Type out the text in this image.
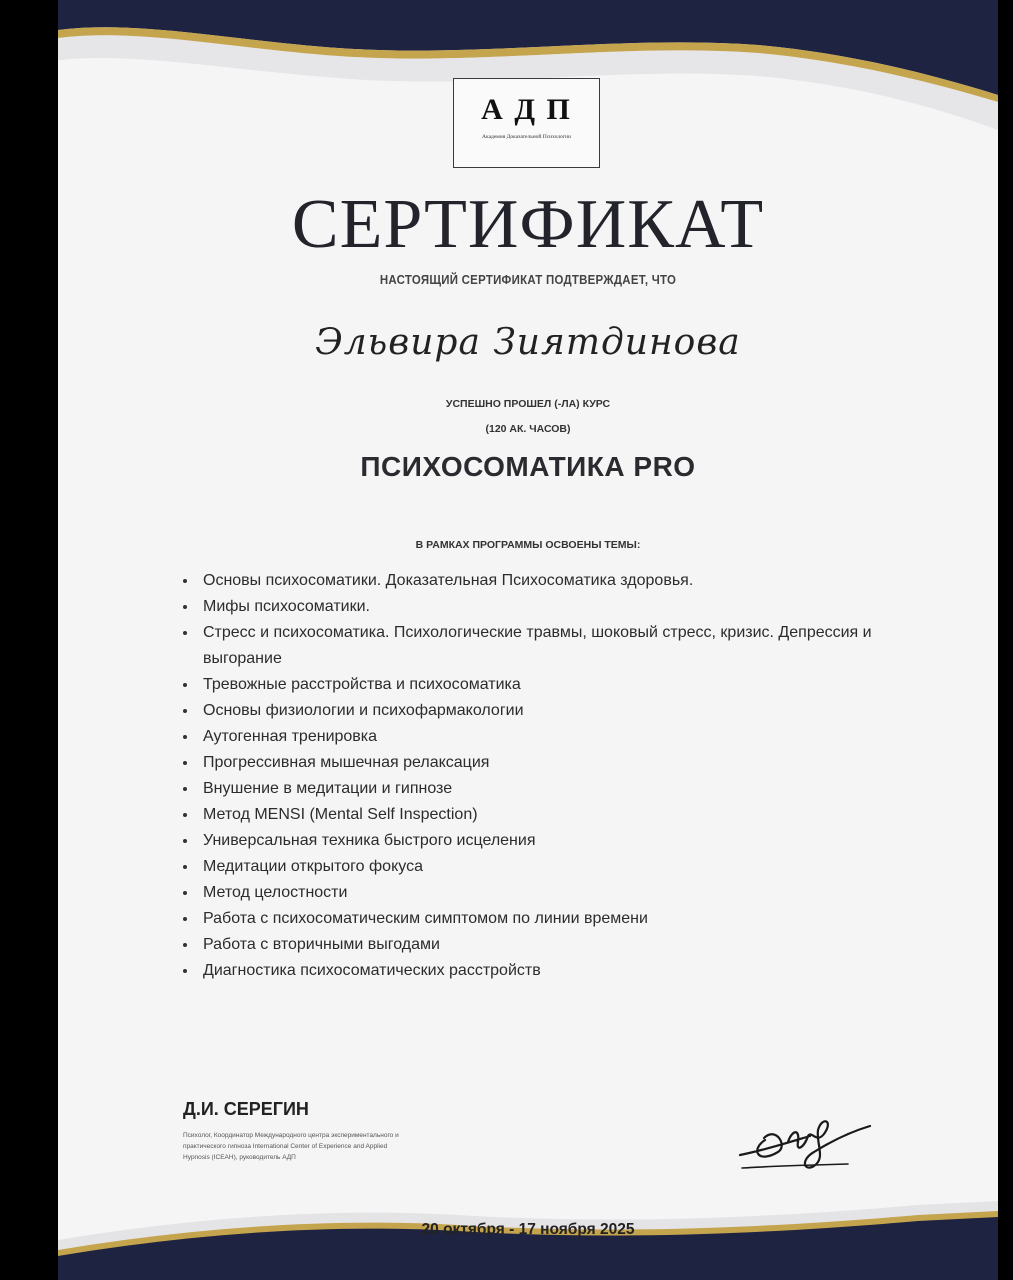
А Д П
Академия Доказательной Психологии
СЕРТИФИКАТ
НАСТОЯЩИЙ СЕРТИФИКАТ ПОДТВЕРЖДАЕТ, ЧТО
Эльвира Зиятдинова
УСПЕШНО ПРОШЕЛ (-ЛА) КУРС
(120 АК. ЧАСОВ)
ПСИХОСОМАТИКА PRO
В РАМКАХ ПРОГРАММЫ ОСВОЕНЫ ТЕМЫ:
Основы психосоматики. Доказательная Психосоматика здоровья.
Мифы психосоматики.
Стресс и психосоматика. Психологические травмы, шоковый стресс, кризис. Депрессия и выгорание
Тревожные расстройства и психосоматика
Основы физиологии и психофармакологии
Аутогенная тренировка
Прогрессивная мышечная релаксация
Внушение в медитации и гипнозе
Метод MENSI (Mental Self Inspection)
Универсальная техника быстрого исцеления
Медитации открытого фокуса
Метод целостности
Работа с психосоматическим симптомом по линии времени
Работа с вторичными выгодами
Диагностика психосоматических расстройств
Д.И. СЕРЕГИН
Психолог, Координатор Международного центра экспериментального и практического гипноза International Center of Experience and Applied Hypnosis (ICEAH), руководитель АДП
20 октября - 17 ноября 2025
